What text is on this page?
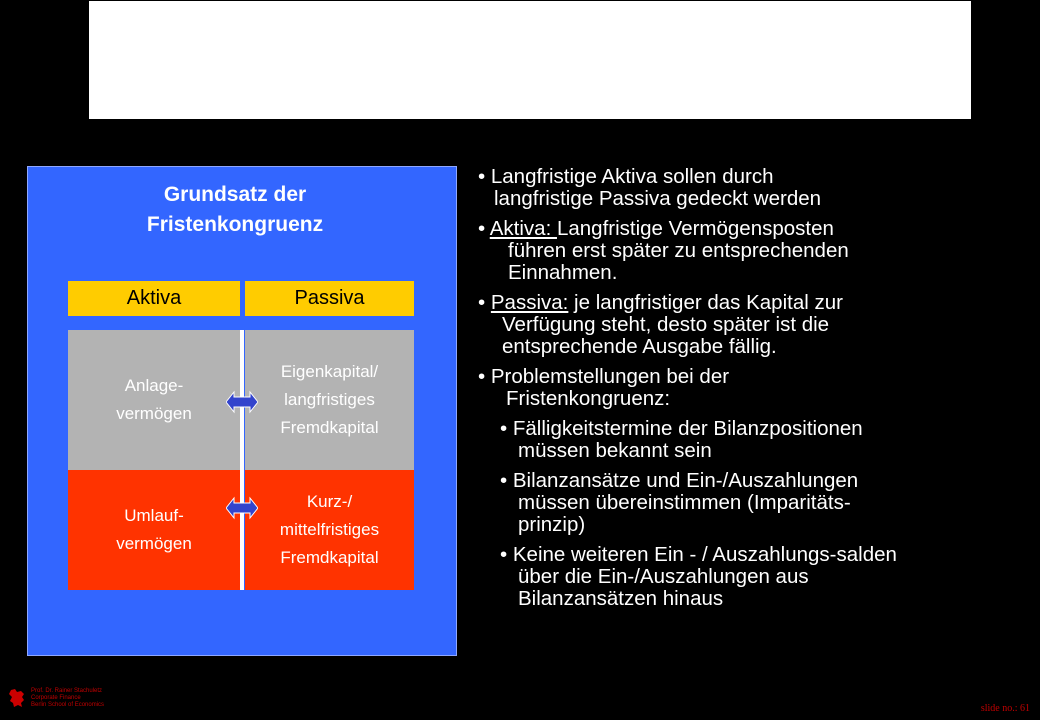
Grundsatz der
Fristenkongruenz
Aktiva	Passiva
Anlage-
vermögen
Eigenkapital/
langfristiges
Fremdkapital
Umlauf-
vermögen
Kurz-/
mittelfristiges
Fremdkapital
• Langfristige Aktiva sollen durch
langfristige Passiva gedeckt werden
• Aktiva: Langfristige Vermögensposten
führen erst später zu entsprechenden
Einnahmen.
• Passiva: je langfristiger das Kapital zur
Verfügung steht, desto später ist die
entsprechende Ausgabe fällig.
• Problemstellungen bei der
Fristenkongruenz:
• Fälligkeitstermine der Bilanzpositionen
müssen bekannt sein
• Bilanzansätze und Ein-/Auszahlungen
müssen übereinstimmen (Imparitäts-
prinzip)
• Keine weiteren Ein - / Auszahlungs-salden
über die Ein-/Auszahlungen aus
Bilanzansätzen hinaus
Prof. Dr. Rainer Stachuletz
Corporate Finance
Berlin School of Economics	slide no.: 61
